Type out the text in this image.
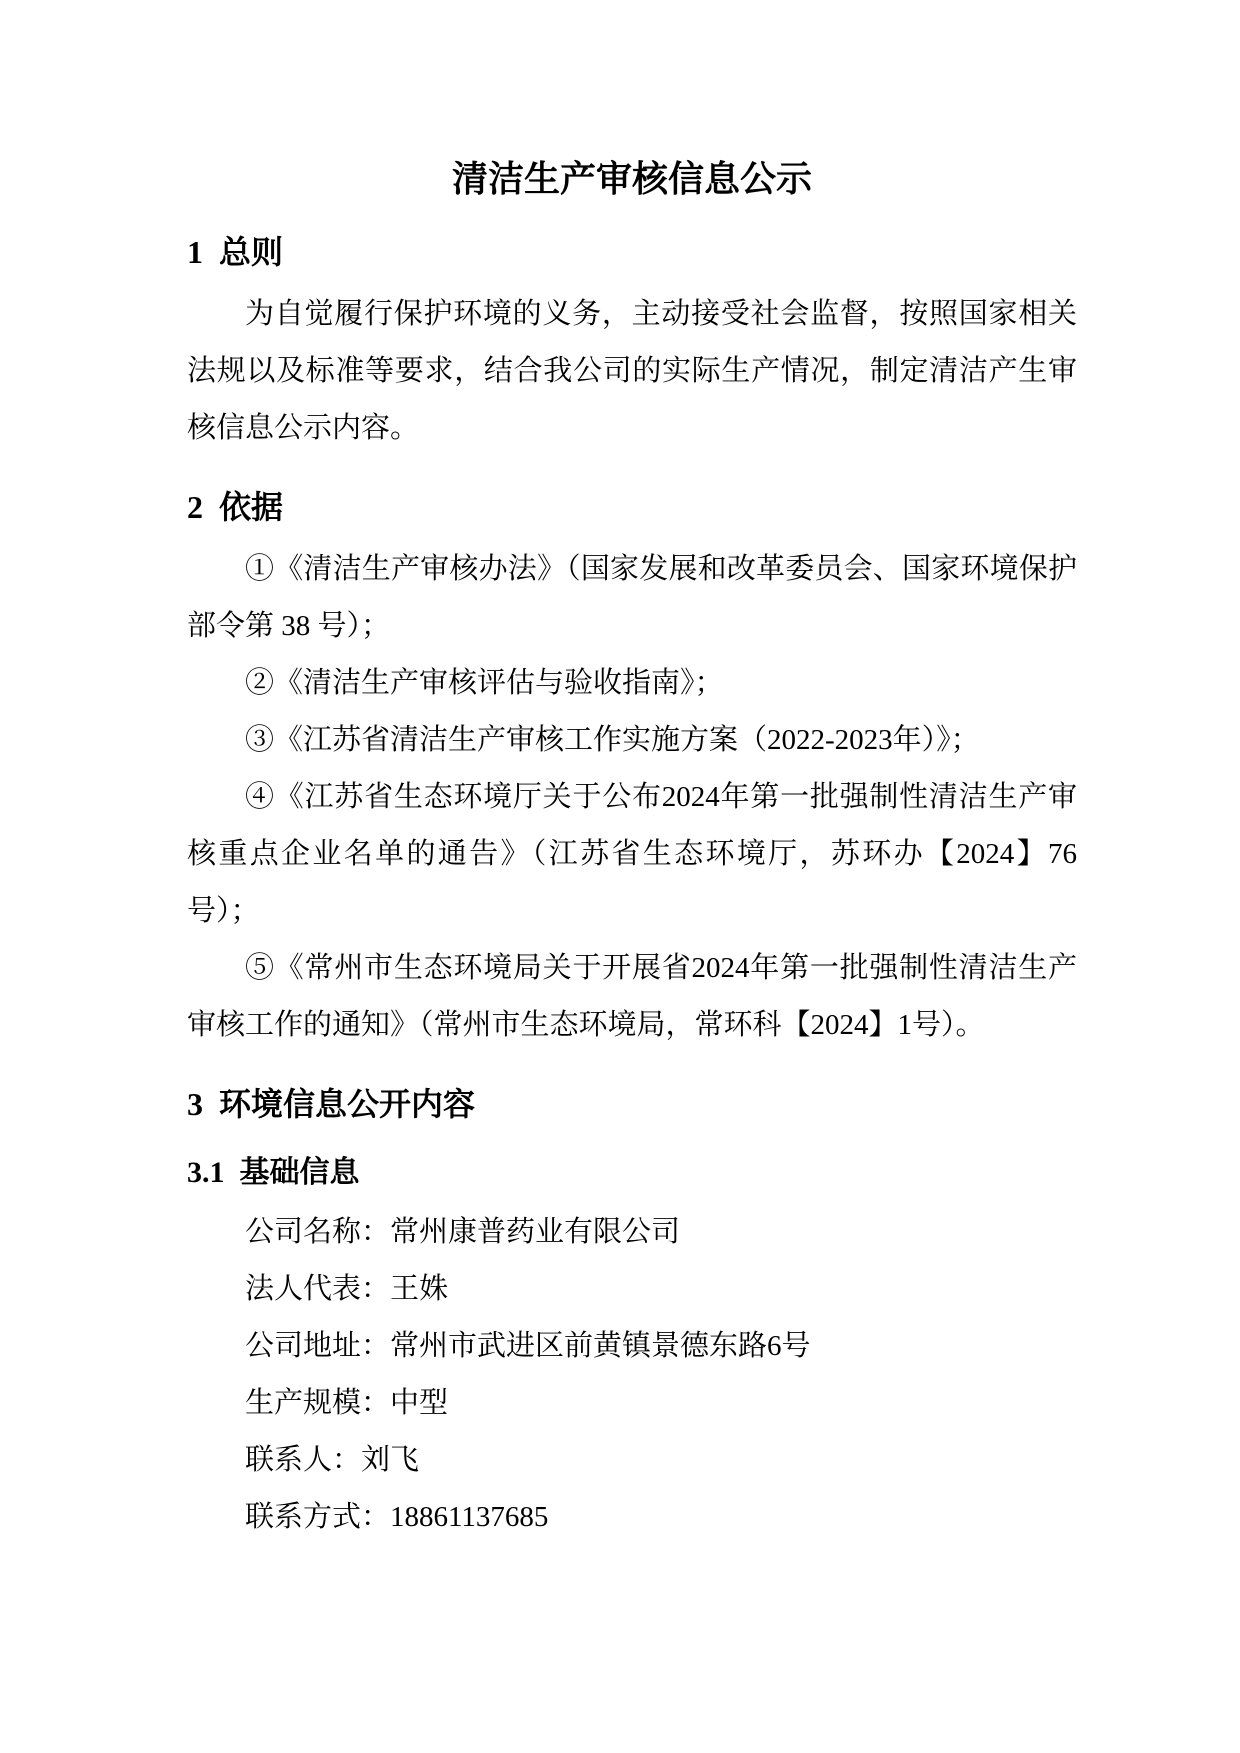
清洁生产审核信息公示
1  总则

为自觉履行保护环境的义务，主动接受社会监督，按照国家相关法规以及标准等要求，结合我公司的实际生产情况，制定清洁产生审核信息公示内容。

2  依据

①《清洁生产审核办法》（国家发展和改革委员会、国家环境保护部令第 38 号）；

②《清洁生产审核评估与验收指南》；

③《江苏省清洁生产审核工作实施方案（2022-2023年）》；

④《江苏省生态环境厅关于公布2024年第一批强制性清洁生产审核重点企业名单的通告》（江苏省生态环境厅，苏环办【2024】76号）；

⑤《常州市生态环境局关于开展省2024年第一批强制性清洁生产审核工作的通知》（常州市生态环境局，常环科【2024】1号）。

3  环境信息公开内容
3.1  基础信息

公司名称：常州康普药业有限公司

法人代表：王姝

公司地址：常州市武进区前黄镇景德东路6号

生产规模：中型

联系人：刘飞

联系方式：18861137685
